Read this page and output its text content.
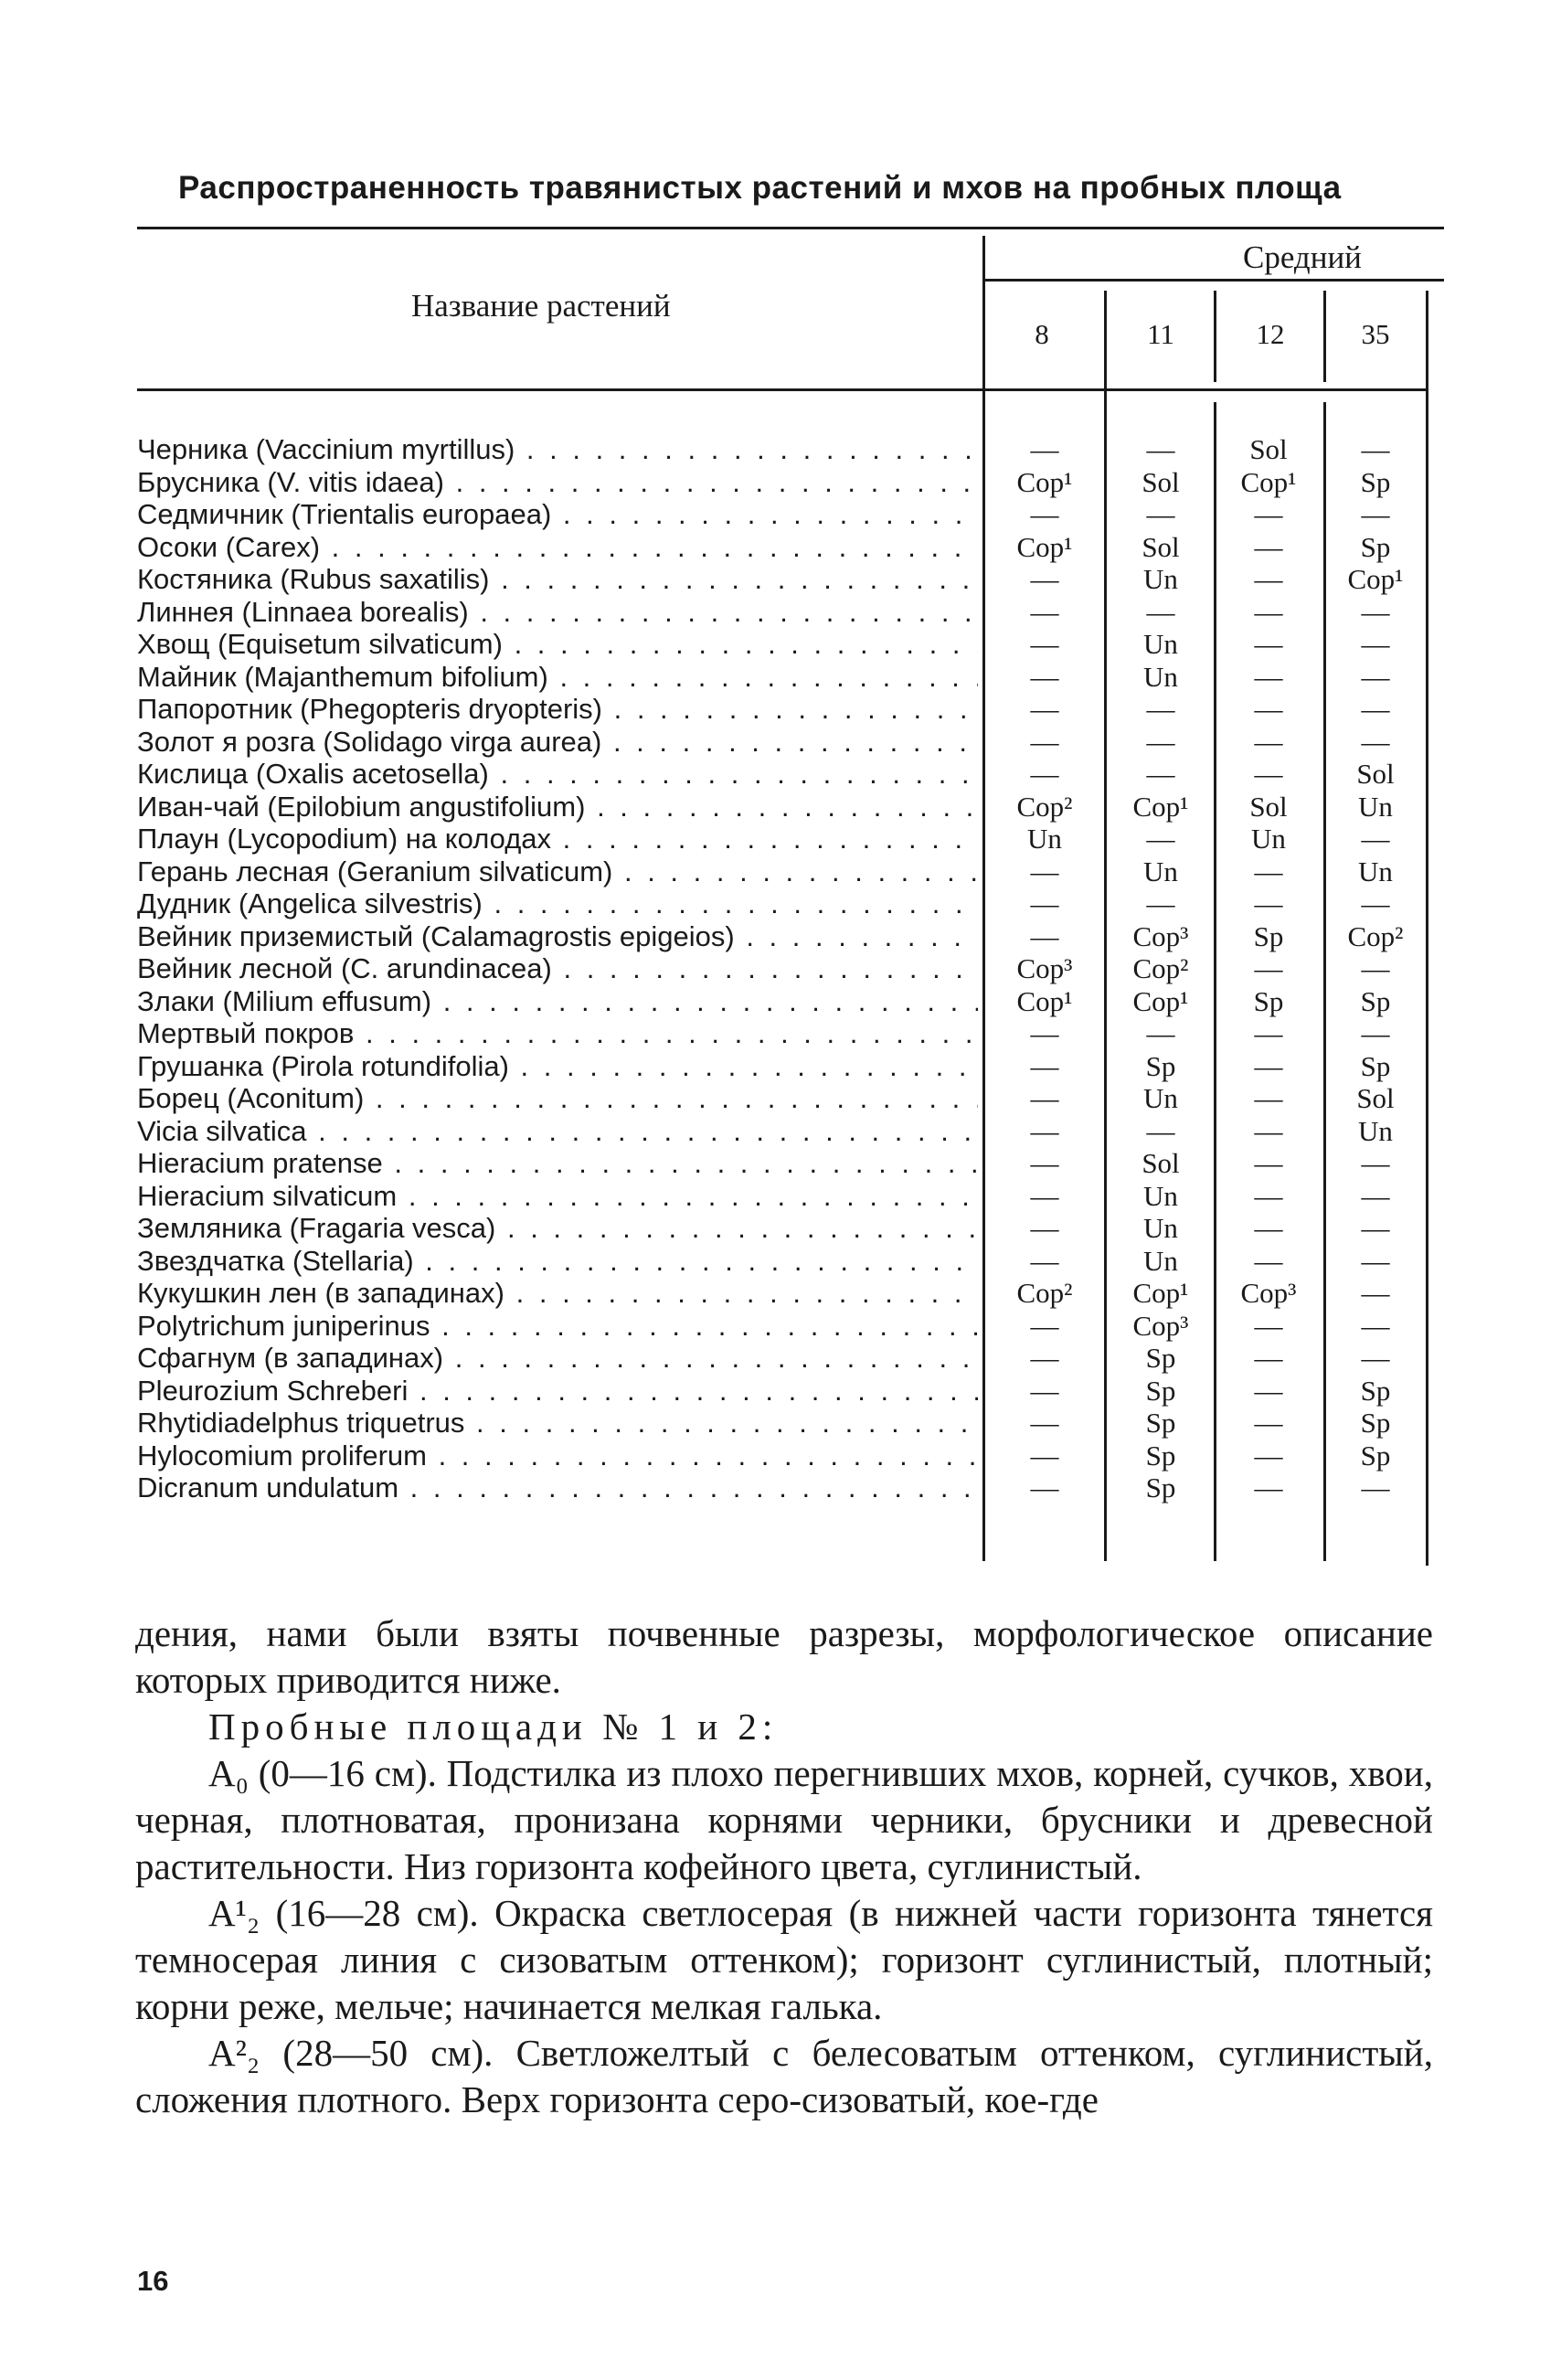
Распространенность травянистых растений и мхов на пробных площа
Название растений
Средний
8	11	12	35
Черника (Vaccinium myrtillus) . . .	—	—	Sol	—
Брусника (V. vitis idaea) . . .	Cop¹	Sol	Cop¹	Sp
Седмичник (Trientalis europaea) . . .	—	—	—	—
Осоки (Carex) . . .	Cop¹	Sol	—	Sp
Костяника (Rubus saxatilis) . . .	—	Un	—	Cop¹
Линнея (Linnaea borealis) . . .	—	—	—	—
Хвощ (Equisetum silvaticum) . . .	—	Un	—	—
Майник (Majanthemum bifolium) . . .	—	Un	—	—
Папоротник (Phegopteris dryopteris) . . .	—	—	—	—
Золот я розга (Solidago virga aurea) . . .	—	—	—	—
Кислица (Oxalis acetosella) . . .	—	—	—	Sol
Иван-чай (Epilobium angustifolium) . . .	Cop²	Cop¹	Sol	Un
Плаун (Lycopodium) на колодах . . .	Un	—	Un	—
Герань лесная (Geranium silvaticum) . . .	—	Un	—	Un
Дудник (Angelica silvestris) . . .	—	—	—	—
Вейник приземистый (Calamagrostis epigeios) . . .	—	Cop³	Sp	Cop²
Вейник лесной (C. arundinacea) . . .	Cop³	Cop²	—	—
Злаки (Milium effusum) . . .	Cop¹	Cop¹	Sp	Sp
Мертвый покров . . .	—	—	—	—
Грушанка (Pirola rotundifolia) . . .	—	Sp	—	Sp
Борец (Aconitum) . . .	—	Un	—	Sol
Vicia silvatica . . .	—	—	—	Un
Hieracium pratense . . .	—	Sol	—	—
Hieracium silvaticum . . .	—	Un	—	—
Земляника (Fragaria vesca) . . .	—	Un	—	—
Звездчатка (Stellaria) . . .	—	Un	—	—
Кукушкин лен (в западинах) . . .	Cop²	Cop¹	Cop³	—
Polytrichum juniperinus . . .	—	Cop³	—	—
Сфагнум (в западинах) . . .	—	Sp	—	—
Pleurozium Schreberi . . .	—	Sp	—	Sp
Rhytidiadelphus triquetrus . . .	—	Sp	—	Sp
Hylocomium proliferum . . .	—	Sp	—	Sp
Dicranum undulatum . . .	—	Sp	—	—

дения, нами были взяты почвенные разрезы, морфологическое описание которых приводится ниже.

Пробные площади № 1 и 2:

A₀ (0—16 см). Подстилка из плохо перегнивших мхов, корней, сучков, хвои, черная, плотноватая, пронизана корнями черники, брусники и древесной растительности. Низ горизонта кофейного цвета, суглинистый.

A¹₂ (16—28 см). Окраска светлосерая (в нижней части горизонта тянется темносерая линия с сизоватым оттенком); горизонт суглинистый, плотный; корни реже, мельче; начинается мелкая галька.

A²₂ (28—50 см). Светложелтый с белесоватым оттенком, суглинистый, сложения плотного. Верх горизонта серо-сизоватый, кое-где

16
